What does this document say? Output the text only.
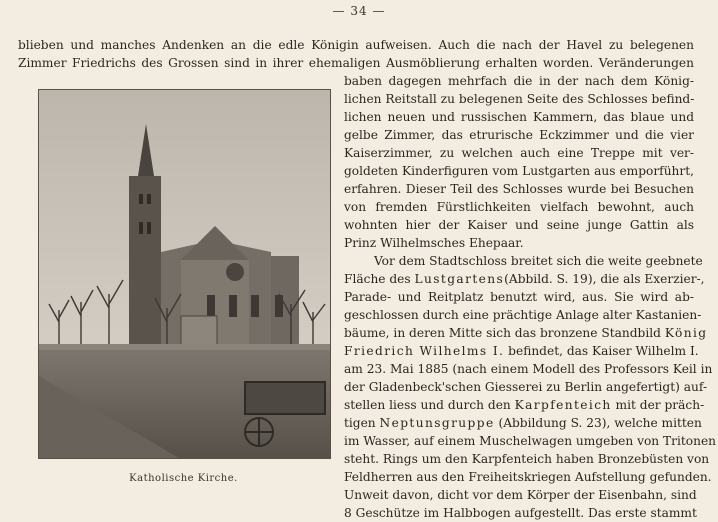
— 34 —

blieben und manches Andenken an die edle Königin aufweisen. Auch die nach der Havel zu belegenen
Zimmer Friedrichs des Grossen sind in ihrer ehemaligen Ausmöblierung erhalten worden. Veränderungen

baben dagegen mehrfach die in der nach dem König-
lichen Reitstall zu belegenen Seite des Schlosses befind-
lichen neuen und russischen Kammern, das blaue und
gelbe Zimmer, das etrurische Eckzimmer und die vier
Kaiserzimmer, zu welchen auch eine Treppe mit ver-
goldeten Kinderfiguren vom Lustgarten aus emporführt,
erfahren. Dieser Teil des Schlosses wurde bei Besuchen
von fremden Fürstlichkeiten vielfach bewohnt, auch
wohnten hier der Kaiser und seine junge Gattin als
Prinz Wilhelmsches Ehepaar.
Vor dem Stadtschloss breitet sich die weite geebnete
Fläche des Lustgartens(Abbild. S. 19), die als Exerzier-,
Parade- und Reitplatz benutzt wird, aus. Sie wird ab-
geschlossen durch eine prächtige Anlage alter Kastanien-
bäume, in deren Mitte sich das bronzene Standbild König
Friedrich Wilhelms I. befindet, das Kaiser Wilhelm I.
am 23. Mai 1885 (nach einem Modell des Professors Keil in
der Gladenbeck'schen Giesserei zu Berlin angefertigt) auf-
stellen liess und durch den Karpfenteich mit der präch-
tigen Neptunsgruppe (Abbildung S. 23), welche mitten
im Wasser, auf einem Muschelwagen umgeben von Tritonen
steht. Rings um den Karpfenteich haben Bronzebüsten von
Feldherren aus den Freiheitskriegen Aufstellung gefunden.
Unweit davon, dicht vor dem Körper der Eisenbahn, sind
8 Geschütze im Halbbogen aufgestellt. Das erste stammt

Katholische Kirche.
